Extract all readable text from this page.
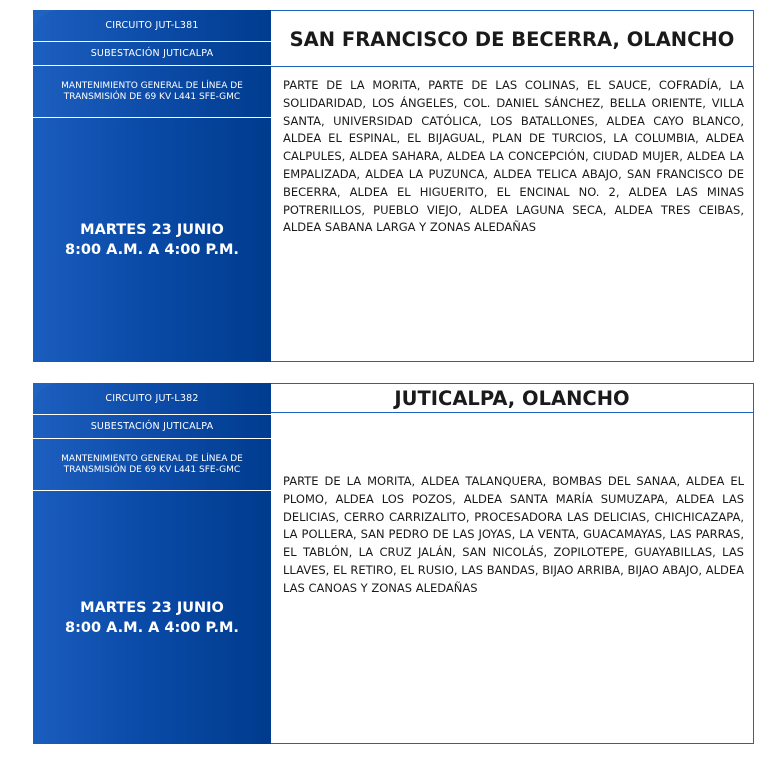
CIRCUITO JUT-L381
SUBESTACIÓN JUTICALPA
MANTENIMIENTO GENERAL DE LÍNEA DE TRANSMISIÓN DE 69 KV L441 SFE-GMC
MARTES 23 JUNIO
8:00 A.M. A 4:00 P.M.
SAN FRANCISCO DE BECERRA, OLANCHO
PARTE DE LA MORITA, PARTE DE LAS COLINAS, EL SAUCE, COFRADÍA, LA SOLIDARIDAD, LOS ÁNGELES, COL. DANIEL SÁNCHEZ, BELLA ORIENTE, VILLA SANTA, UNIVERSIDAD CATÓLICA, LOS BATALLONES, ALDEA CAYO BLANCO, ALDEA EL ESPINAL, EL BIJAGUAL, PLAN DE TURCIOS, LA COLUMBIA, ALDEA CALPULES, ALDEA SAHARA, ALDEA LA CONCEPCIÓN, CIUDAD MUJER, ALDEA LA EMPALIZADA, ALDEA LA PUZUNCA, ALDEA TELICA ABAJO, SAN FRANCISCO DE BECERRA, ALDEA EL HIGUERITO, EL ENCINAL NO. 2, ALDEA LAS MINAS POTRERILLOS, PUEBLO VIEJO, ALDEA LAGUNA SECA, ALDEA TRES CEIBAS, ALDEA SABANA LARGA Y ZONAS ALEDAÑAS
CIRCUITO JUT-L382
SUBESTACIÓN JUTICALPA
MANTENIMIENTO GENERAL DE LÍNEA DE TRANSMISIÓN DE 69 KV L441 SFE-GMC
MARTES 23 JUNIO
8:00 A.M. A 4:00 P.M.
JUTICALPA, OLANCHO
PARTE DE LA MORITA, ALDEA TALANQUERA, BOMBAS DEL SANAA, ALDEA EL PLOMO, ALDEA LOS POZOS, ALDEA SANTA MARÍA SUMUZAPA, ALDEA LAS DELICIAS, CERRO CARRIZALITO, PROCESADORA LAS DELICIAS, CHICHICAZAPA, LA POLLERA, SAN PEDRO DE LAS JOYAS, LA VENTA, GUACAMAYAS, LAS PARRAS, EL TABLÓN, LA CRUZ JALÁN, SAN NICOLÁS, ZOPILOTEPE, GUAYABILLAS, LAS LLAVES, EL RETIRO, EL RUSIO, LAS BANDAS, BIJAO ARRIBA, BIJAO ABAJO, ALDEA LAS CANOAS Y ZONAS ALEDAÑAS
